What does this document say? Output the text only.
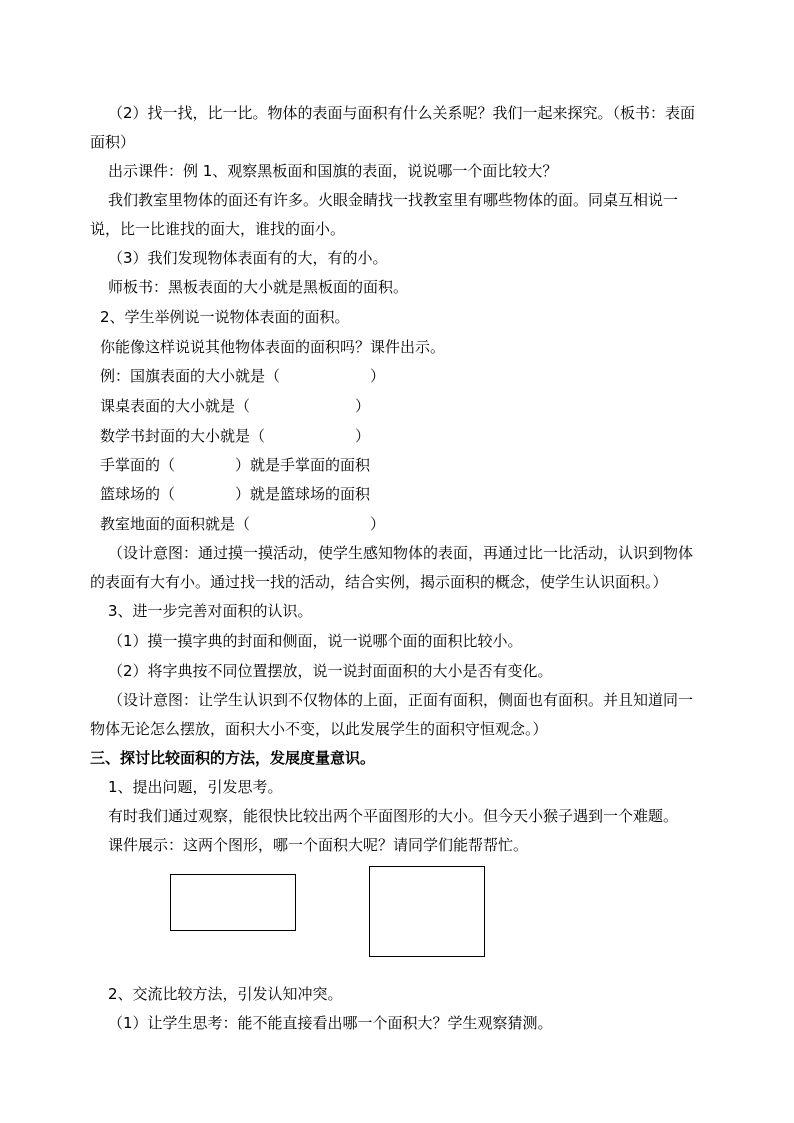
（2）找一找，比一比。物体的表面与面积有什么关系呢？我们一起来探究。（板书：表面
面积）
出示课件：例 1、观察黑板面和国旗的表面，说说哪一个面比较大？
我们教室里物体的面还有许多。火眼金睛找一找教室里有哪些物体的面。同桌互相说一
说，比一比谁找的面大，谁找的面小。
（3）我们发现物体表面有的大，有的小。
师板书：黑板表面的大小就是黑板面的面积。
2、学生举例说一说物体表面的面积。
你能像这样说说其他物体表面的面积吗？课件出示。
例：国旗表面的大小就是（　　　　　　）
课桌表面的大小就是（　　　　　　　）
数学书封面的大小就是（　　　　　　）
手掌面的（　　　　）就是手掌面的面积
篮球场的（　　　　）就是篮球场的面积
教室地面的面积就是（　　　　　　　　）
（设计意图：通过摸一摸活动，使学生感知物体的表面，再通过比一比活动，认识到物体
的表面有大有小。通过找一找的活动，结合实例，揭示面积的概念，使学生认识面积。）
3、进一步完善对面积的认识。
（1）摸一摸字典的封面和侧面，说一说哪个面的面积比较小。
（2）将字典按不同位置摆放，说一说封面面积的大小是否有变化。
（设计意图：让学生认识到不仅物体的上面，正面有面积，侧面也有面积。并且知道同一
物体无论怎么摆放，面积大小不变，以此发展学生的面积守恒观念。）
三、探讨比较面积的方法，发展度量意识。
1、提出问题，引发思考。
有时我们通过观察，能很快比较出两个平面图形的大小。但今天小猴子遇到一个难题。
课件展示：这两个图形，哪一个面积大呢？请同学们能帮帮忙。
2、交流比较方法，引发认知冲突。
（1）让学生思考：能不能直接看出哪一个面积大？学生观察猜测。
